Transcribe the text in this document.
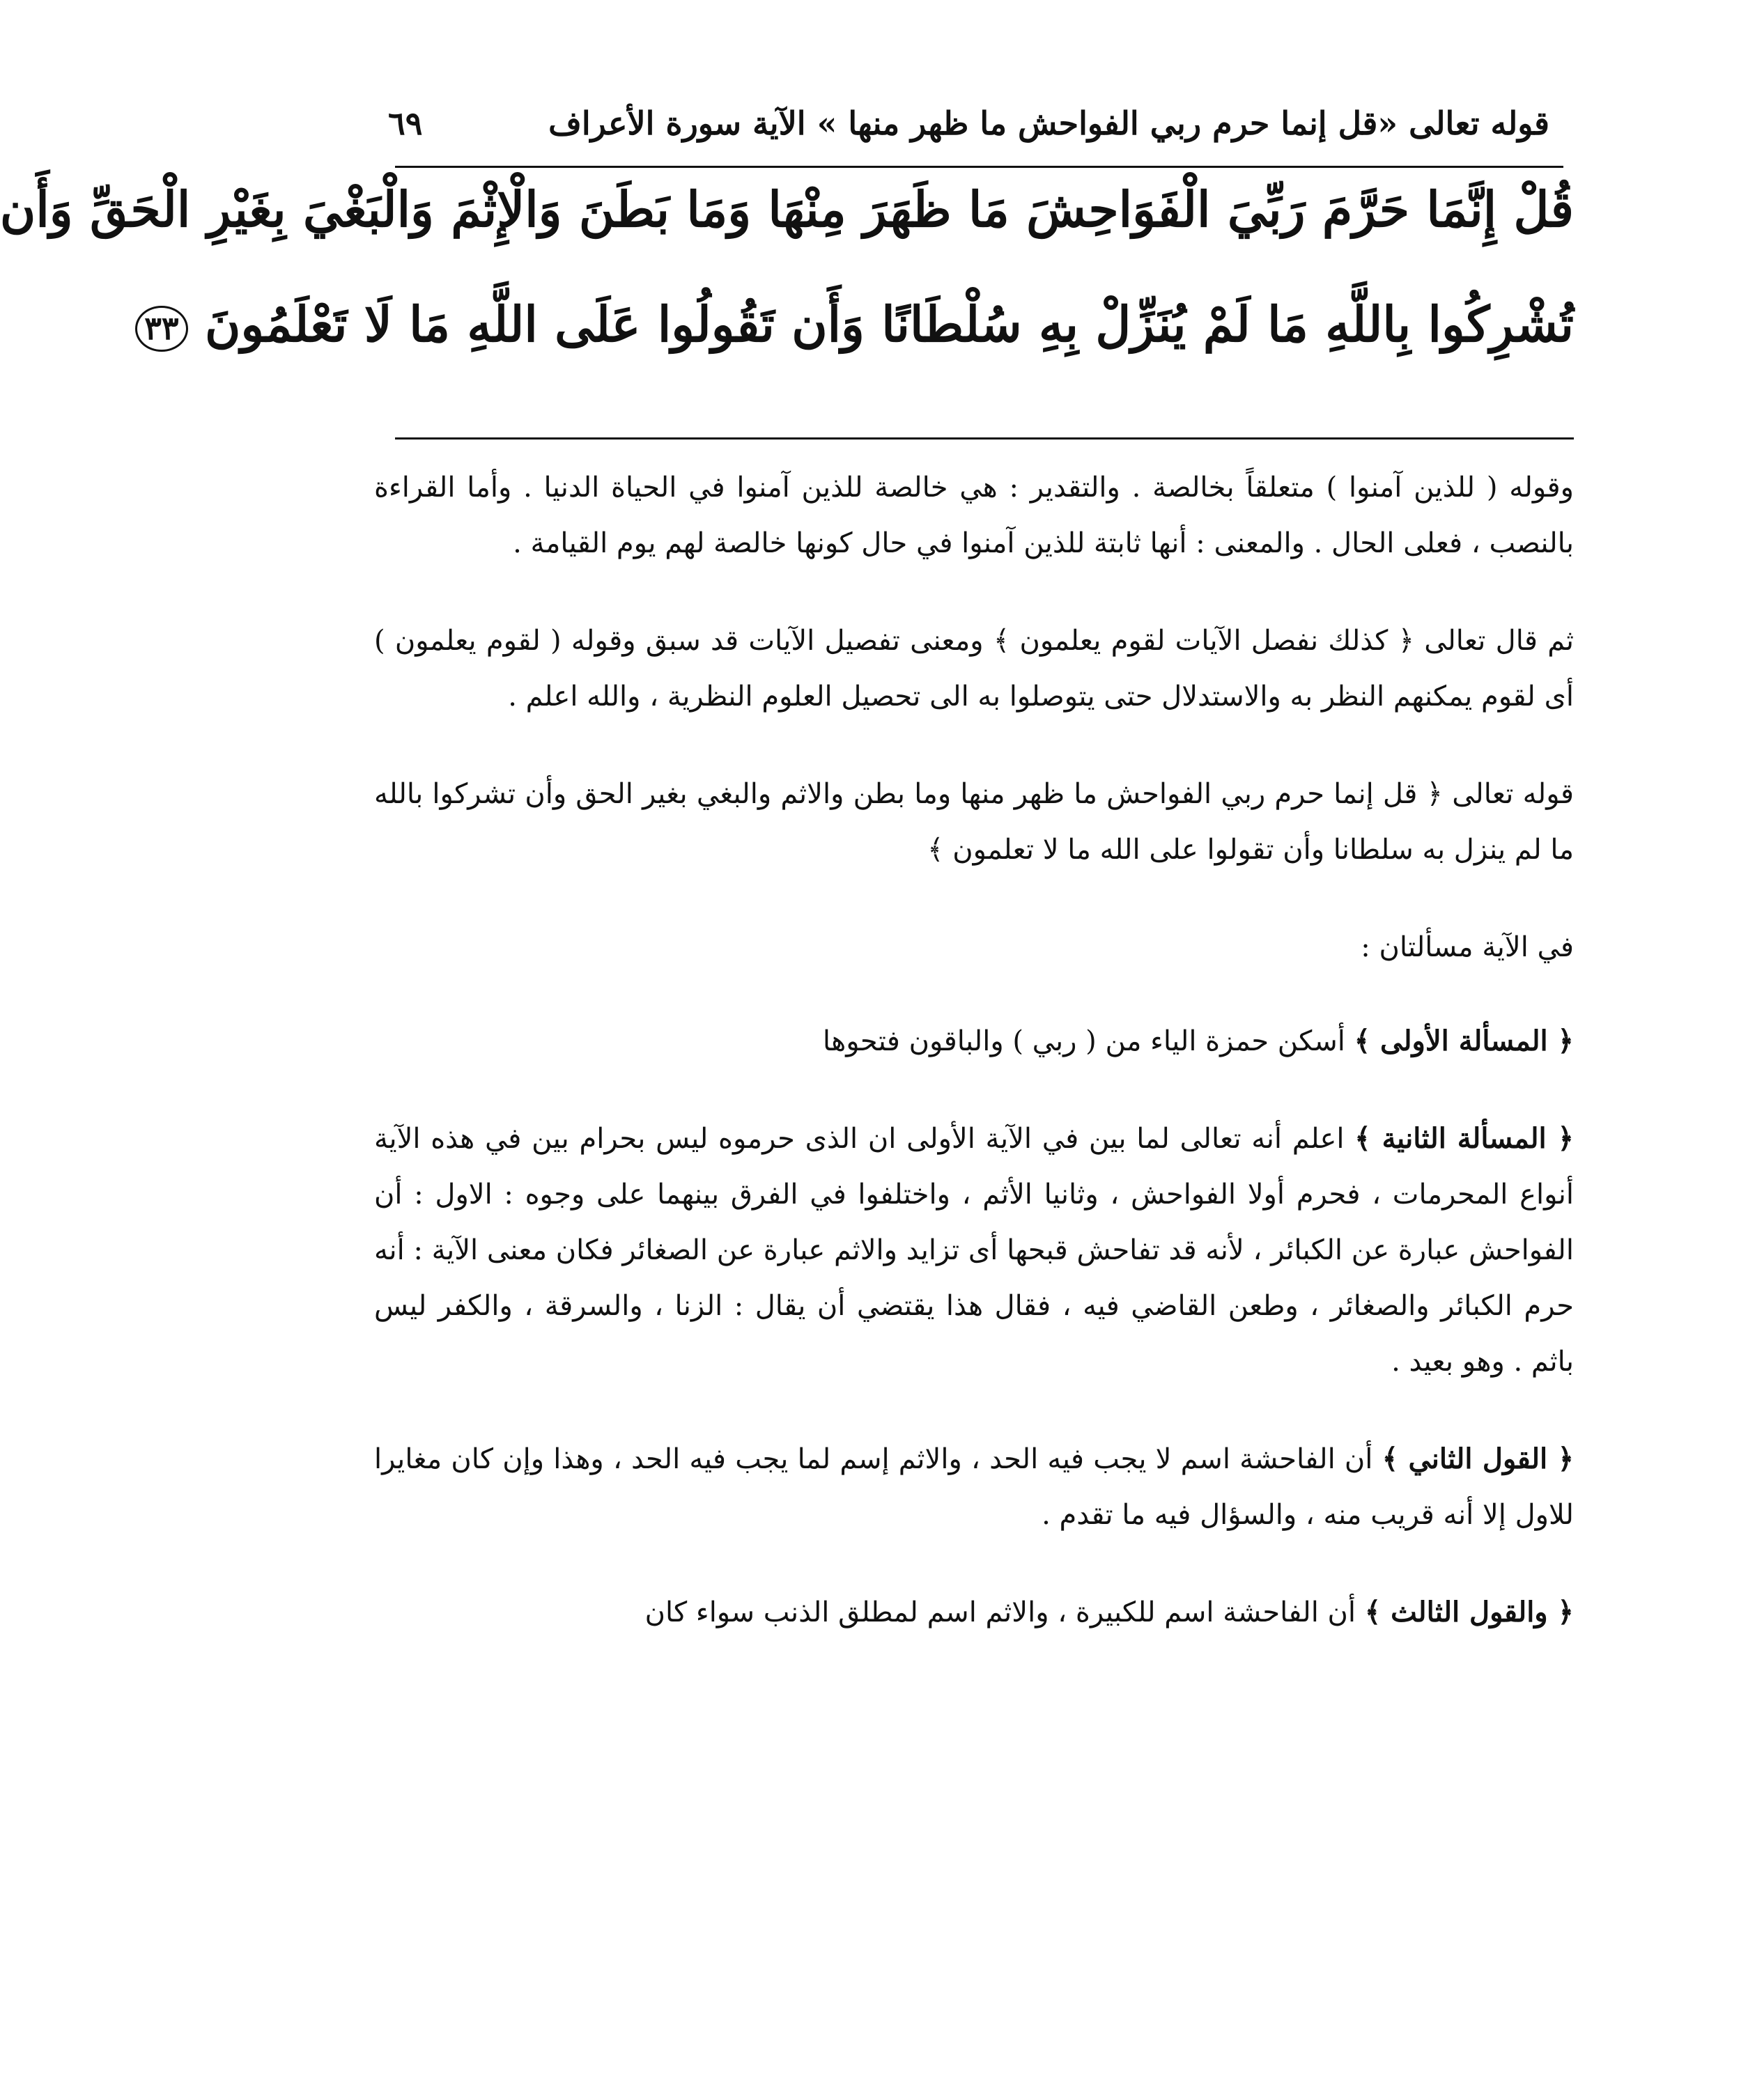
قوله تعالى «قل إنما حرم ربي الفواحش ما ظهر منها » الآية سورة الأعراف
٦٩
قُلْ إِنَّمَا حَرَّمَ رَبِّيَ الْفَوَاحِشَ مَا ظَهَرَ مِنْهَا وَمَا بَطَنَ وَالْإِثْمَ وَالْبَغْيَ بِغَيْرِ الْحَقِّ وَأَن
تُشْرِكُوا بِاللَّهِ مَا لَمْ يُنَزِّلْ بِهِ سُلْطَانًا وَأَن تَقُولُوا عَلَى اللَّهِ مَا لَا تَعْلَمُونَ ٣٣

وقوله ( للذين آمنوا ) متعلقاً بخالصة . والتقدير : هي خالصة للذين آمنوا في الحياة الدنيا . وأما القراءة بالنصب ، فعلى الحال . والمعنى : أنها ثابتة للذين آمنوا في حال كونها خالصة لهم يوم القيامة .

ثم قال تعالى ﴿ كذلك نفصل الآيات لقوم يعلمون ﴾ ومعنى تفصيل الآيات قد سبق وقوله ( لقوم يعلمون ) أى لقوم يمكنهم النظر به والاستدلال حتى يتوصلوا به الى تحصيل العلوم النظرية ، والله اعلم .

قوله تعالى ﴿ قل إنما حرم ربي الفواحش ما ظهر منها وما بطن والاثم والبغي بغير الحق وأن تشركوا بالله ما لم ينزل به سلطانا وأن تقولوا على الله ما لا تعلمون ﴾

في الآية مسألتان :

﴿ المسألة الأولى ﴾ أسكن حمزة الياء من ( ربي ) والباقون فتحوها

﴿ المسألة الثانية ﴾ اعلم أنه تعالى لما بين في الآية الأولى ان الذى حرموه ليس بحرام بين في هذه الآية أنواع المحرمات ، فحرم أولا الفواحش ، وثانيا الأثم ، واختلفوا في الفرق بينهما على وجوه : الاول : أن الفواحش عبارة عن الكبائر ، لأنه قد تفاحش قبحها أى تزايد والاثم عبارة عن الصغائر فكان معنى الآية : أنه حرم الكبائر والصغائر ، وطعن القاضي فيه ، فقال هذا يقتضي أن يقال : الزنا ، والسرقة ، والكفر ليس باثم . وهو بعيد .

﴿ القول الثاني ﴾ أن الفاحشة اسم لا يجب فيه الحد ، والاثم إسم لما يجب فيه الحد ، وهذا وإن كان مغايرا للاول إلا أنه قريب منه ، والسؤال فيه ما تقدم .

﴿ والقول الثالث ﴾ أن الفاحشة اسم للكبيرة ، والاثم اسم لمطلق الذنب سواء كان
